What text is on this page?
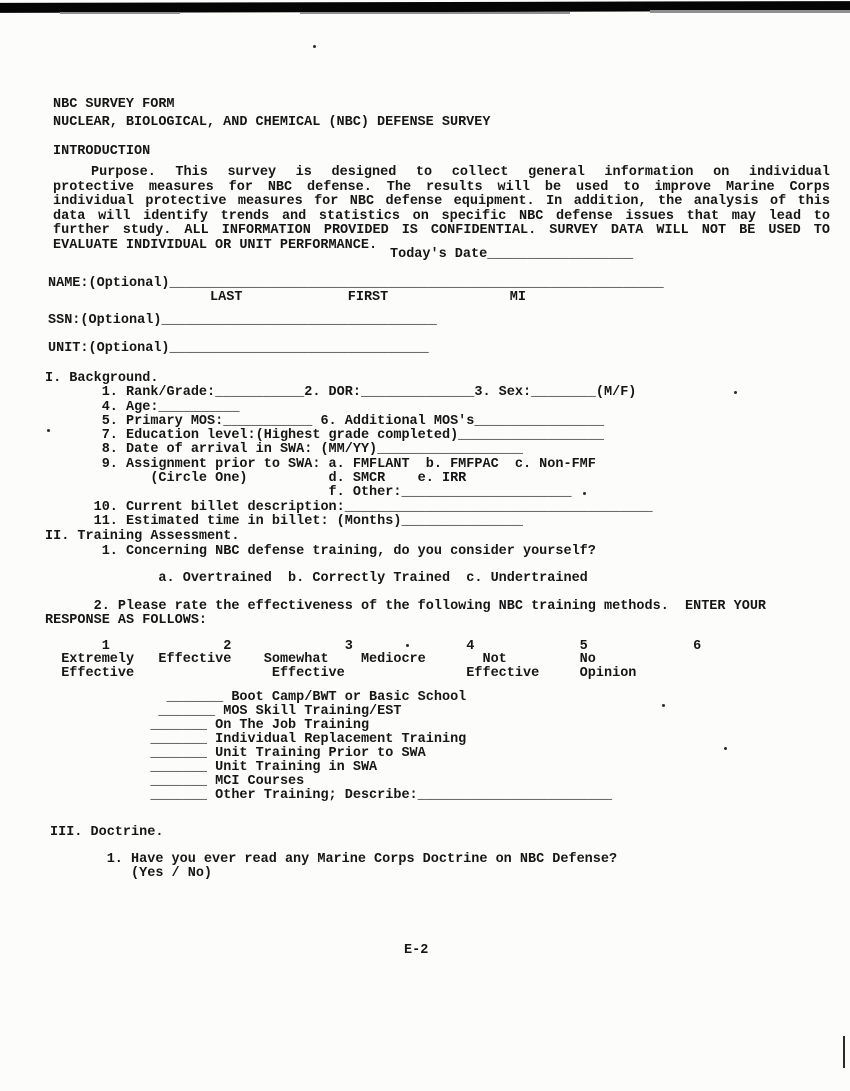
NBC SURVEY FORM
NUCLEAR, BIOLOGICAL, AND CHEMICAL (NBC) DEFENSE SURVEY
INTRODUCTION
Purpose. This survey is designed to collect general information on individual
protective measures for NBC defense. The results will be used to improve Marine Corps
individual protective measures for NBC defense equipment. In addition, the analysis of this
data will identify trends and statistics on specific NBC defense issues that may lead to
further study. ALL INFORMATION PROVIDED IS CONFIDENTIAL. SURVEY DATA WILL NOT BE USED TO
EVALUATE INDIVIDUAL OR UNIT PERFORMANCE.
Today's Date__________________
NAME:(Optional)_____________________________________________________________
LAST             FIRST               MI
SSN:(Optional)__________________________________
UNIT:(Optional)________________________________
I. Background.
1. Rank/Grade:___________2. DOR:______________3. Sex:________(M/F)
4. Age:__________
5. Primary MOS:___________ 6. Additional MOS's________________
7. Education level:(Highest grade completed)__________________
8. Date of arrival in SWA: (MM/YY)__________________
9. Assignment prior to SWA: a. FMFLANT  b. FMFPAC  c. Non-FMF
(Circle One)          d. SMCR    e. IRR
f. Other:_____________________
10. Current billet description:______________________________________
11. Estimated time in billet: (Months)_______________
II. Training Assessment.
1. Concerning NBC defense training, do you consider yourself?
a. Overtrained  b. Correctly Trained  c. Undertrained
2. Please rate the effectiveness of the following NBC training methods.  ENTER YOUR
RESPONSE AS FOLLOWS:
1              2              3              4             5             6
Extremely   Effective    Somewhat    Mediocre       Not         No
Effective                 Effective               Effective     Opinion
_______ Boot Camp/BWT or Basic School
_______ MOS Skill Training/EST
_______ On The Job Training
_______ Individual Replacement Training
_______ Unit Training Prior to SWA
_______ Unit Training in SWA
_______ MCI Courses
_______ Other Training; Describe:________________________
III. Doctrine.
1. Have you ever read any Marine Corps Doctrine on NBC Defense?
(Yes / No)
E-2
